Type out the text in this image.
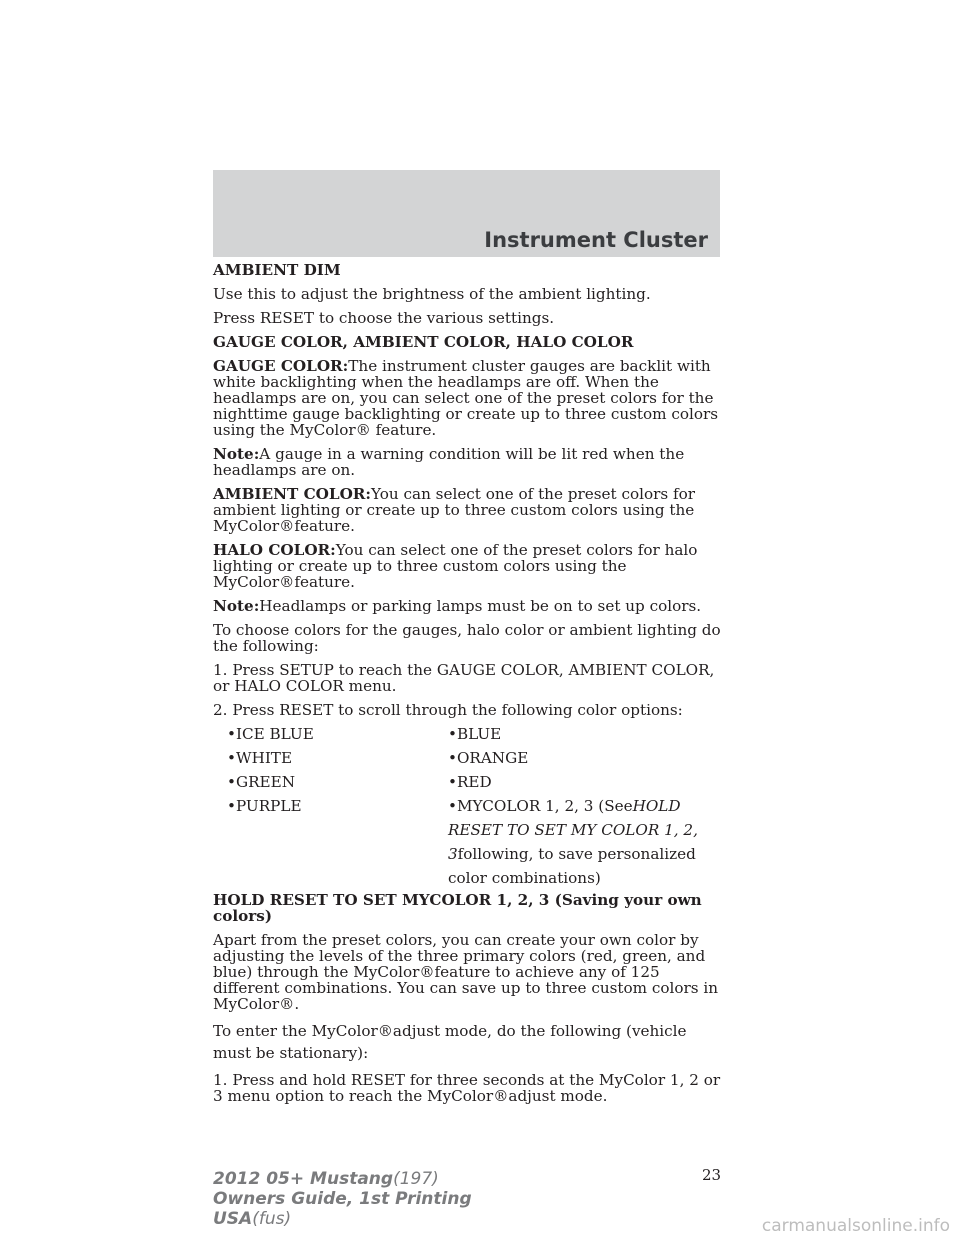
Instrument Cluster

AMBIENT DIM

Use this to adjust the brightness of the ambient lighting.

Press RESET to choose the various settings.

GAUGE COLOR, AMBIENT COLOR, HALO COLOR

GAUGE COLOR:The instrument cluster gauges are backlit with white backlighting when the headlamps are off. When the headlamps are on, you can select one of the preset colors for the nighttime gauge backlighting or create up to three custom colors using the MyColor® feature.

Note:A gauge in a warning condition will be lit red when the headlamps are on.

AMBIENT COLOR:You can select one of the preset colors for ambient lighting or create up to three custom colors using the MyColor®feature.

HALO COLOR:You can select one of the preset colors for halo lighting or create up to three custom colors using the MyColor®feature.

Note:Headlamps or parking lamps must be on to set up colors.

To choose colors for the gauges, halo color or ambient lighting do the following:

1. Press SETUP to reach the GAUGE COLOR, AMBIENT COLOR, or HALO COLOR menu.

2. Press RESET to scroll through the following color options:

•ICE BLUE	•BLUE
•WHITE	•ORANGE
•GREEN	•RED
•PURPLE	•MYCOLOR 1, 2, 3 (SeeHOLD RESET TO SET MY COLOR 1, 2, 3following, to save personalized color combinations)

HOLD RESET TO SET MYCOLOR 1, 2, 3 (Saving your own colors)

Apart from the preset colors, you can create your own color by adjusting the levels of the three primary colors (red, green, and blue) through the MyColor®feature to achieve any of 125 different combinations. You can save up to three custom colors in MyColor®.

To enter the MyColor®adjust mode, do the following (vehicle must be stationary):

1. Press and hold RESET for three seconds at the MyColor 1, 2 or 3 menu option to reach the MyColor®adjust mode.

23
2012 05+ Mustang(197)
Owners Guide, 1st Printing
USA(fus)	carmanualsonline.info
